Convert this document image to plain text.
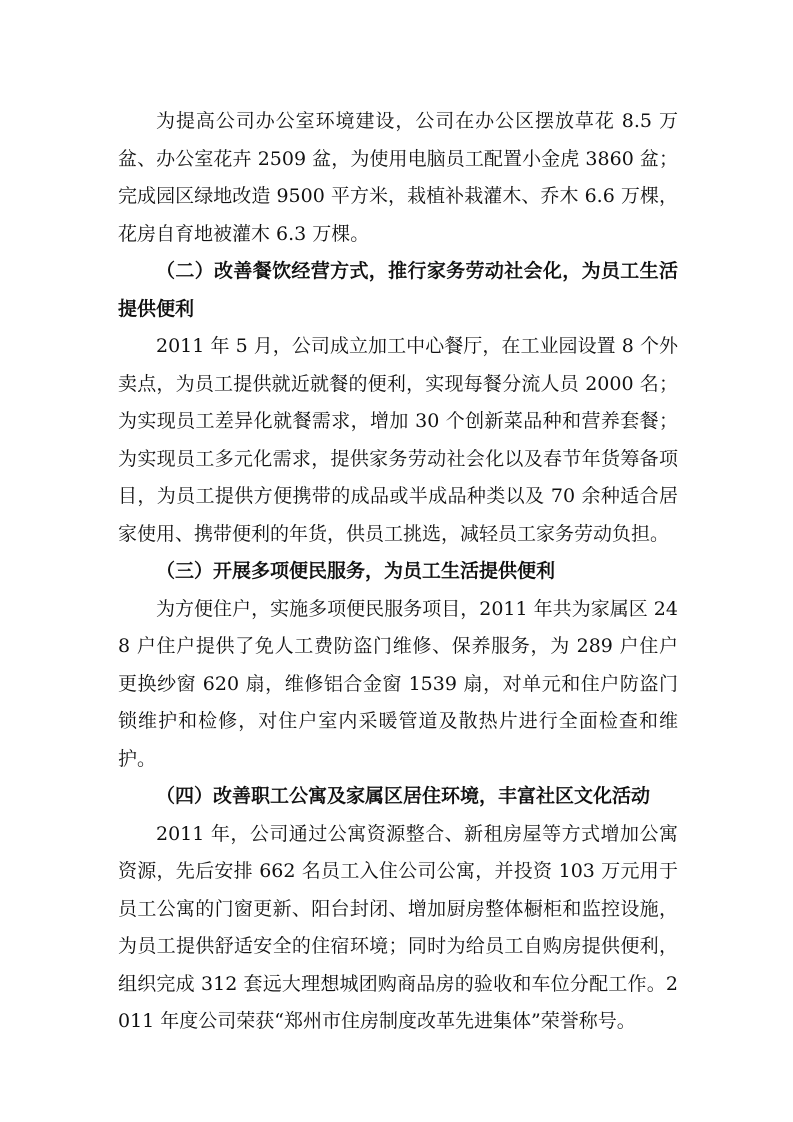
为提高公司办公室环境建设，公司在办公区摆放草花 8.5 万盆、办公室花卉 2509 盆，为使用电脑员工配置小金虎 3860 盆；完成园区绿地改造 9500 平方米，栽植补栽灌木、乔木 6.6 万棵，花房自育地被灌木 6.3 万棵。

（二）改善餐饮经营方式，推行家务劳动社会化，为员工生活提供便利

2011 年 5 月，公司成立加工中心餐厅，在工业园设置 8 个外卖点，为员工提供就近就餐的便利，实现每餐分流人员 2000 名；为实现员工差异化就餐需求，增加 30 个创新菜品种和营养套餐；为实现员工多元化需求，提供家务劳动社会化以及春节年货筹备项目，为员工提供方便携带的成品或半成品种类以及 70 余种适合居家使用、携带便利的年货，供员工挑选，减轻员工家务劳动负担。

（三）开展多项便民服务，为员工生活提供便利

为方便住户，实施多项便民服务项目，2011 年共为家属区 248 户住户提供了免人工费防盗门维修、保养服务，为 289 户住户更换纱窗 620 扇，维修铝合金窗 1539 扇，对单元和住户防盗门锁维护和检修，对住户室内采暖管道及散热片进行全面检查和维护。

（四）改善职工公寓及家属区居住环境，丰富社区文化活动

2011 年，公司通过公寓资源整合、新租房屋等方式增加公寓资源，先后安排 662 名员工入住公司公寓，并投资 103 万元用于员工公寓的门窗更新、阳台封闭、增加厨房整体橱柜和监控设施，为员工提供舒适安全的住宿环境；同时为给员工自购房提供便利，组织完成 312 套远大理想城团购商品房的验收和车位分配工作。2011 年度公司荣获“郑州市住房制度改革先进集体”荣誉称号。
